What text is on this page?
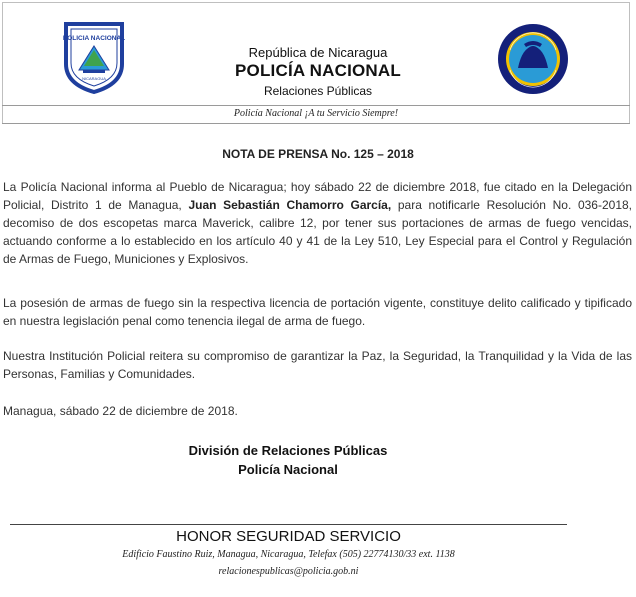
POLICIA NACIONAL
NICARAGUA
República de Nicaragua
POLICÍA NACIONAL
Relaciones Públicas
Policía Nacional ¡A tu Servicio Siempre!
NOTA DE PRENSA No. 125 – 2018
La Policía Nacional informa al Pueblo de Nicaragua; hoy sábado 22 de diciembre 2018, fue citado en la Delegación Policial, Distrito 1 de Managua, Juan Sebastián Chamorro García, para notificarle Resolución No. 036-2018, decomiso de dos escopetas marca Maverick, calibre 12, por tener sus portaciones de armas de fuego vencidas, actuando conforme a lo establecido en los artículo 40 y 41 de la Ley 510, Ley Especial para el Control y Regulación de Armas de Fuego, Municiones y Explosivos.
La posesión de armas de fuego sin la respectiva licencia de portación vigente, constituye delito calificado y tipificado en nuestra legislación penal como tenencia ilegal de arma de fuego.
Nuestra Institución Policial reitera su compromiso de garantizar la Paz, la Seguridad, la Tranquilidad y la Vida de las Personas, Familias y Comunidades.
Managua, sábado 22 de diciembre de 2018.
División de Relaciones Públicas
Policía Nacional
HONOR SEGURIDAD SERVICIO
Edificio Faustino Ruiz, Managua, Nicaragua, Telefax (505) 22774130/33 ext. 1138
relacionespublicas@policia.gob.ni
